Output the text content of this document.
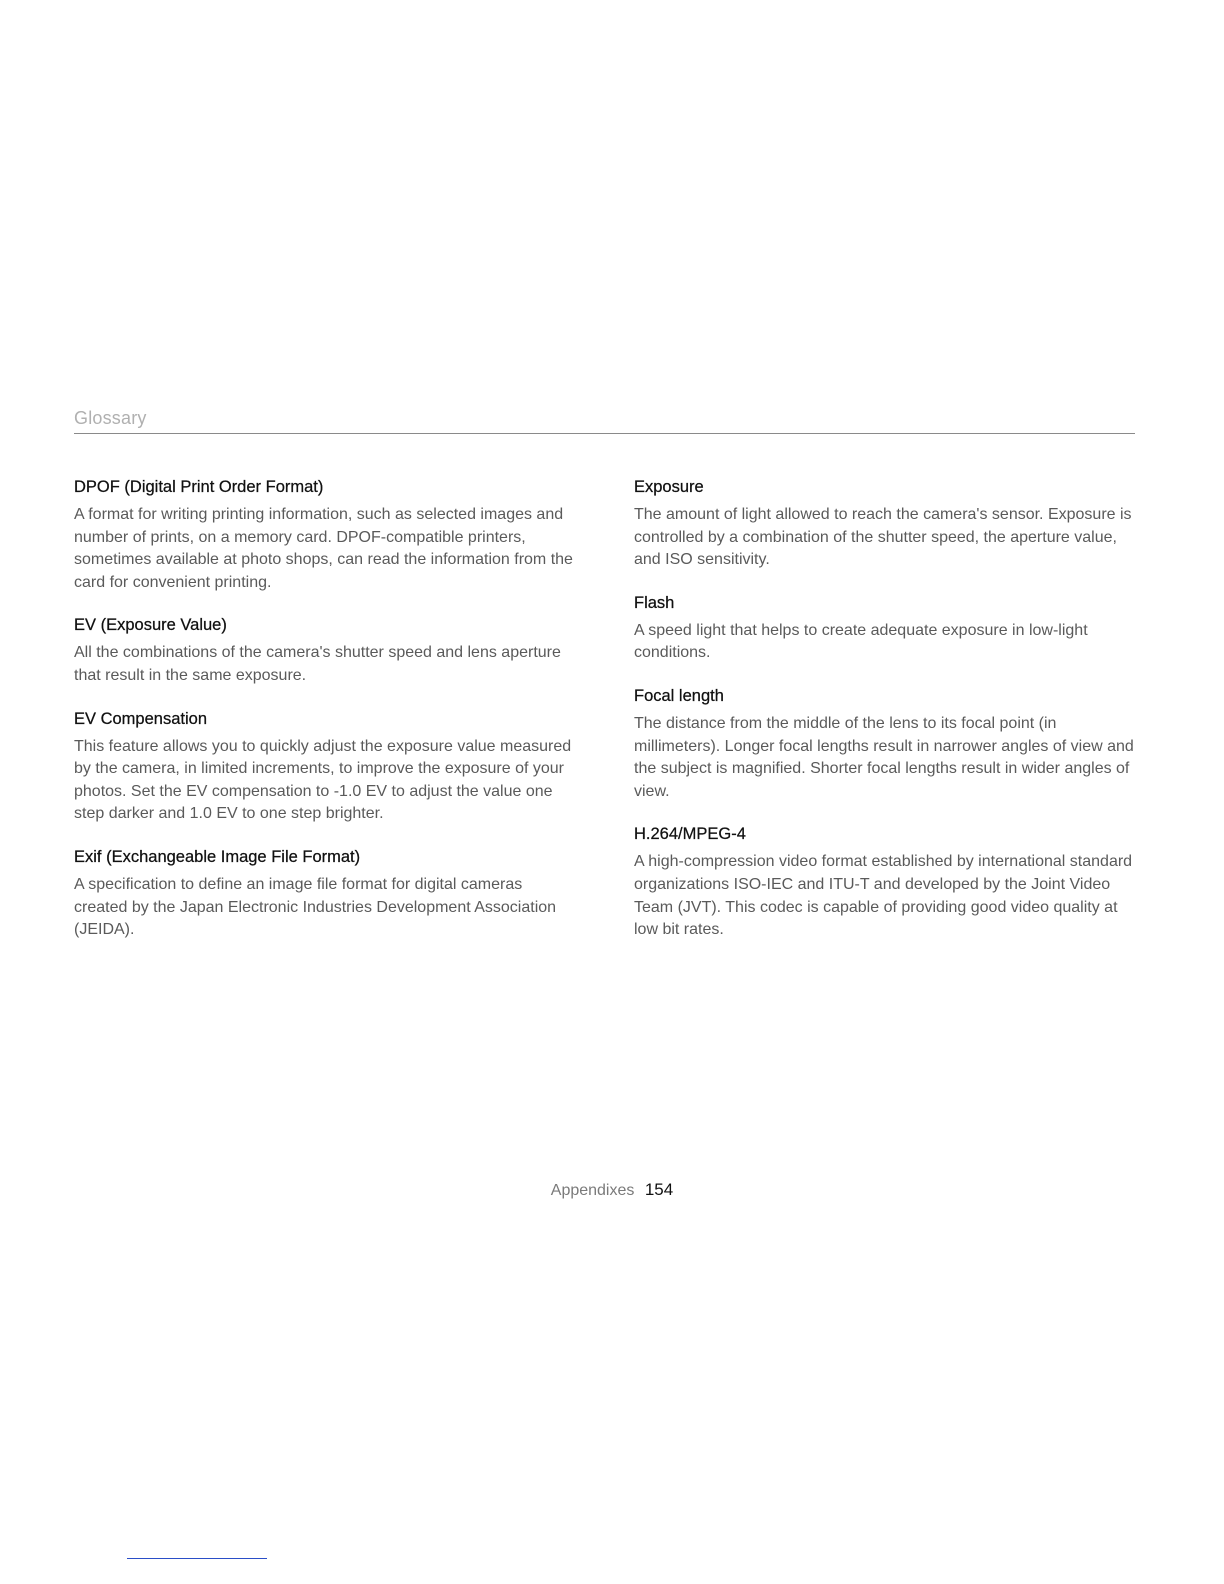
Glossary
DPOF (Digital Print Order Format)

A format for writing printing information, such as selected images and number of prints, on a memory card. DPOF-compatible printers, sometimes available at photo shops, can read the information from the card for convenient printing.

EV (Exposure Value)

All the combinations of the camera's shutter speed and lens aperture that result in the same exposure.

EV Compensation

This feature allows you to quickly adjust the exposure value measured by the camera, in limited increments, to improve the exposure of your photos. Set the EV compensation to -1.0 EV to adjust the value one step darker and 1.0 EV to one step brighter.

Exif (Exchangeable Image File Format)

A specification to define an image file format for digital cameras created by the Japan Electronic Industries Development Association (JEIDA).

Exposure

The amount of light allowed to reach the camera's sensor. Exposure is controlled by a combination of the shutter speed, the aperture value, and ISO sensitivity.

Flash

A speed light that helps to create adequate exposure in low-light conditions.

Focal length

The distance from the middle of the lens to its focal point (in millimeters). Longer focal lengths result in narrower angles of view and the subject is magnified. Shorter focal lengths result in wider angles of view.

H.264/MPEG-4

A high-compression video format established by international standard organizations ISO-IEC and ITU-T and developed by the Joint Video Team (JVT). This codec is capable of providing good video quality at low bit rates.

Appendixes 154
